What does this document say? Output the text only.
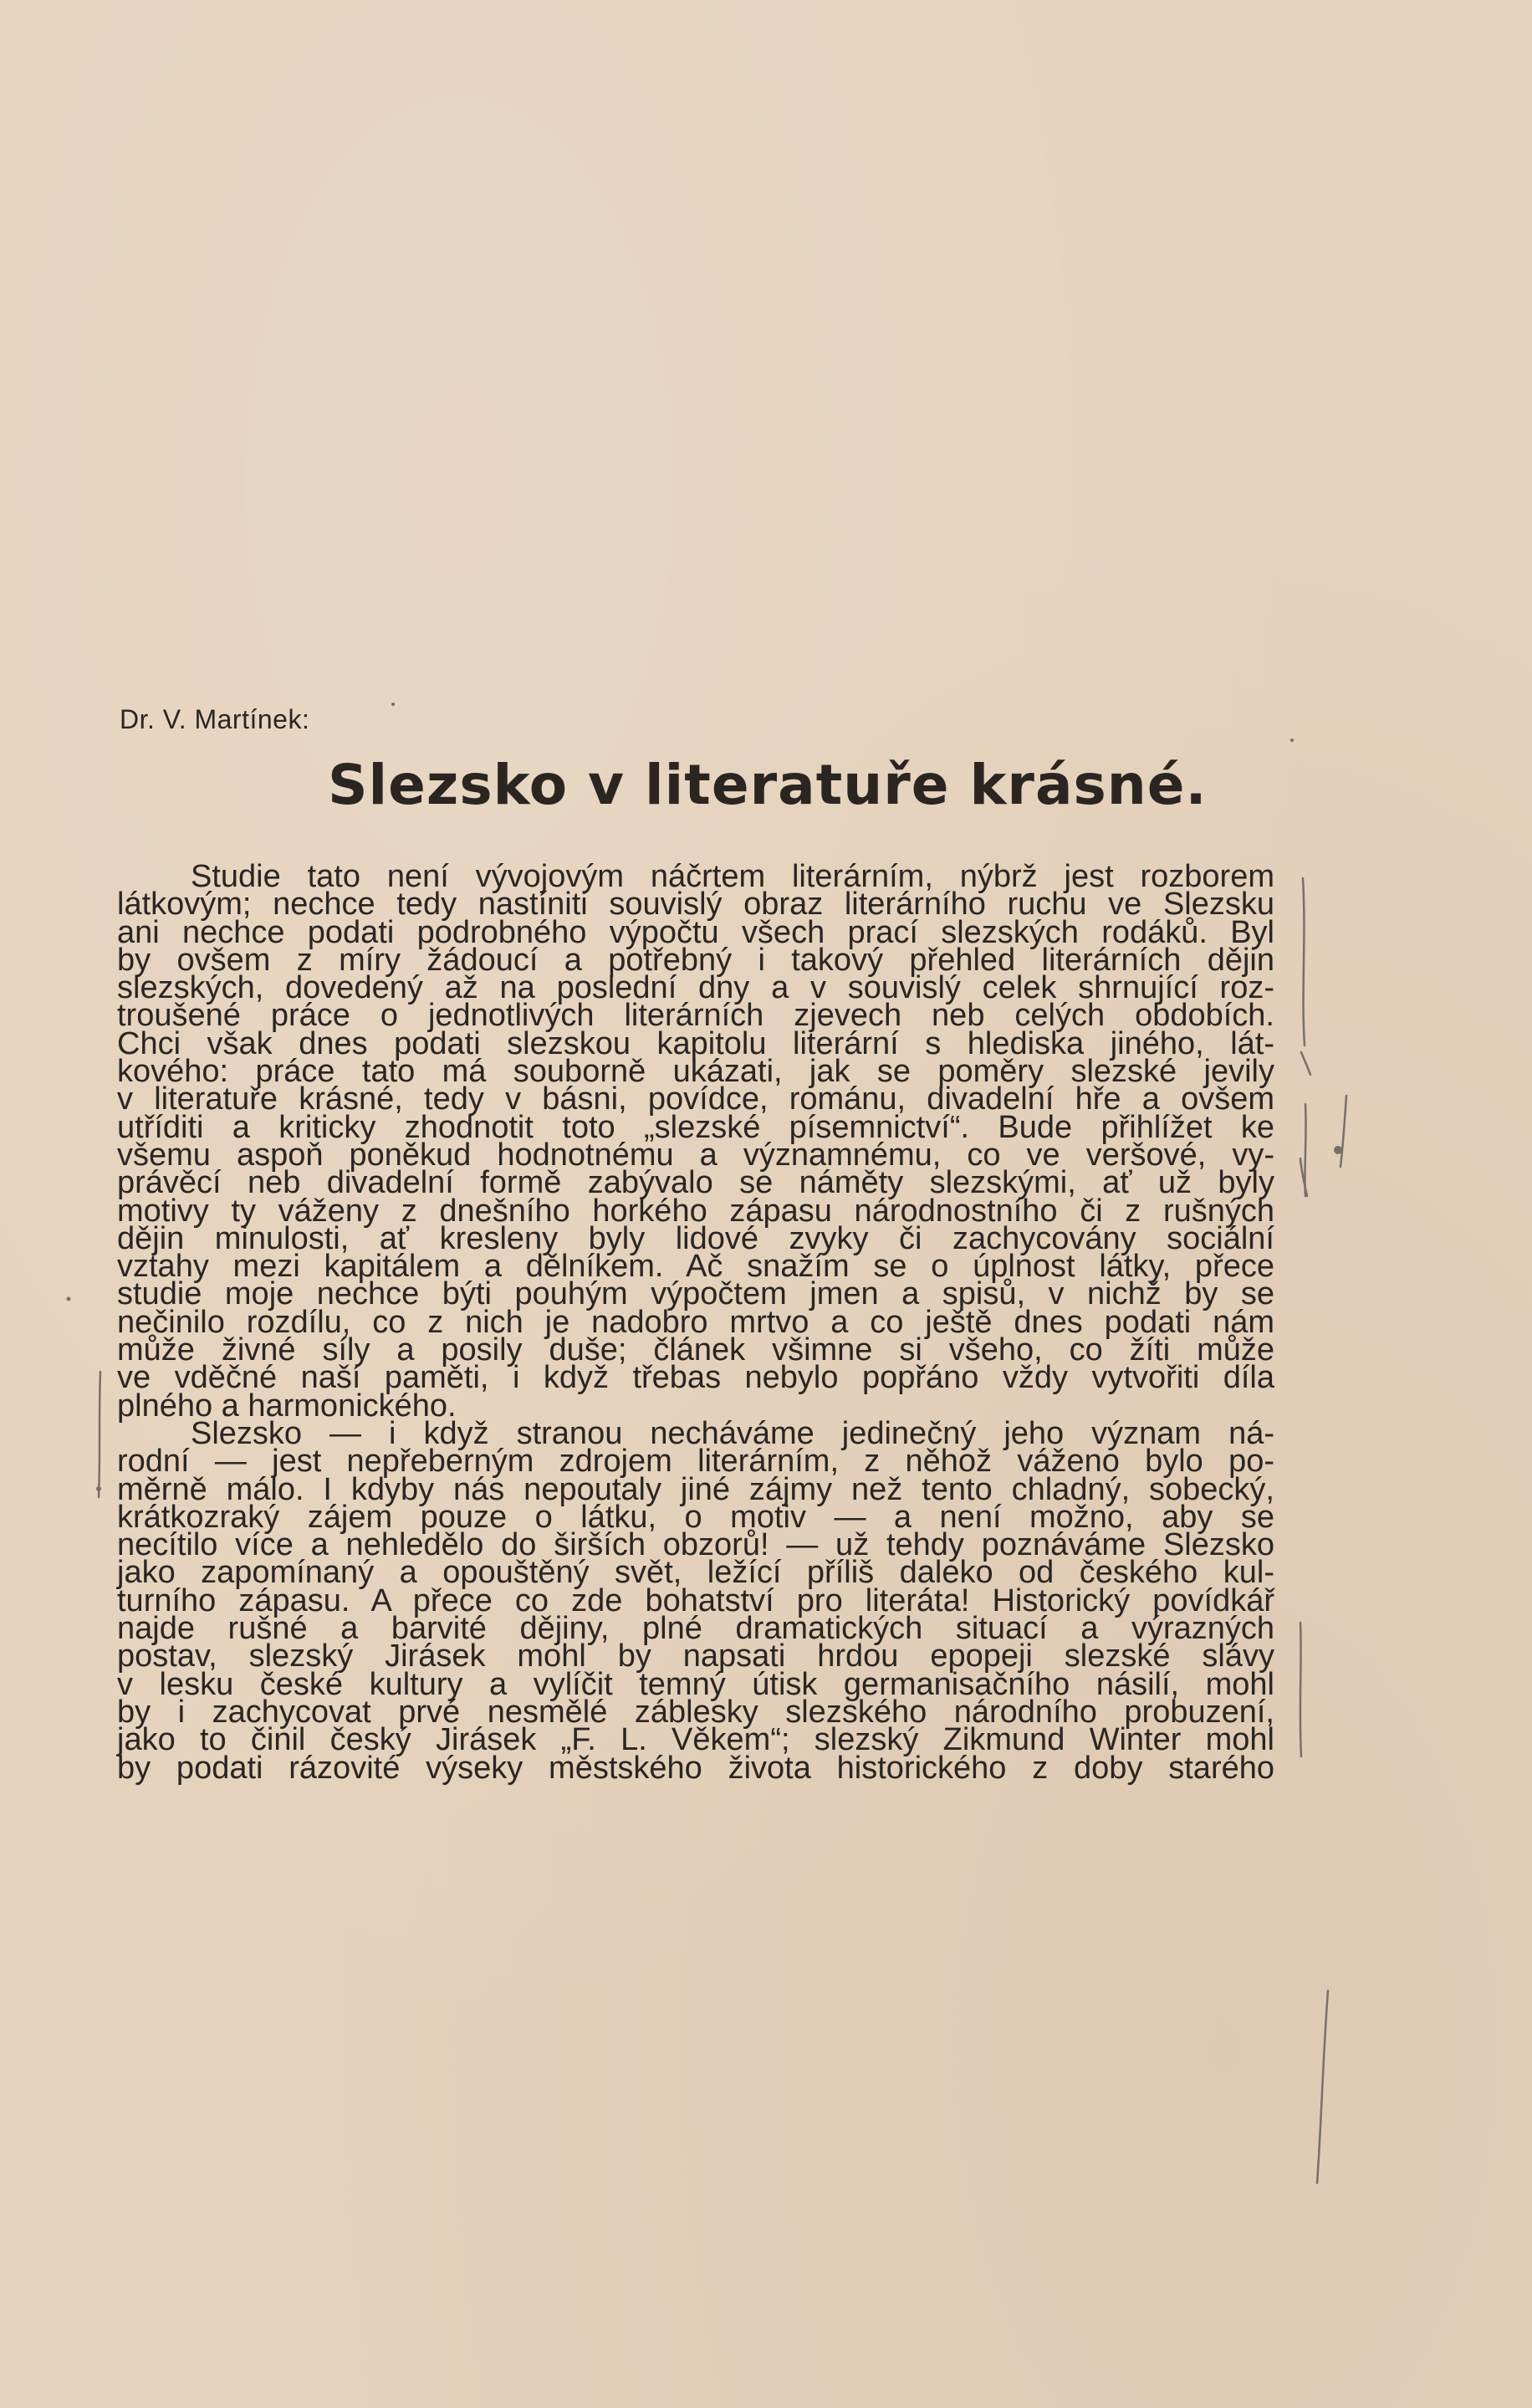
Dr. V. Martínek:

Slezsko v literatuře krásné.
Studie tato není vývojovým náčrtem literárním, nýbrž jest rozborem
látkovým; nechce tedy nastíniti souvislý obraz literárního ruchu ve Slezsku
ani nechce podati podrobného výpočtu všech prací slezských rodáků. Byl
by ovšem z míry žádoucí a potřebný i takový přehled literárních dějin
slezských, dovedený až na poslední dny a v souvislý celek shrnující roz-
troušené práce o jednotlivých literárních zjevech neb celých obdobích.
Chci však dnes podati slezskou kapitolu literární s hlediska jiného, lát-
kového: práce tato má souborně ukázati, jak se poměry slezské jevily
v literatuře krásné, tedy v básni, povídce, románu, divadelní hře a ovšem
utříditi a kriticky zhodnotit toto „slezské písemnictví“. Bude přihlížet ke
všemu aspoň poněkud hodnotnému a významnému, co ve veršové, vy-
právěcí neb divadelní formě zabývalo se náměty slezskými, ať už byly
motivy ty váženy z dnešního horkého zápasu národnostního či z rušných
dějin minulosti, ať kresleny byly lidové zvyky či zachycovány sociální
vztahy mezi kapitálem a dělníkem. Ač snažím se o úplnost látky, přece
studie moje nechce býti pouhým výpočtem jmen a spisů, v nichž by se
nečinilo rozdílu, co z nich je nadobro mrtvo a co ještě dnes podati nám
může živné síly a posily duše; článek všimne si všeho, co žíti může
ve vděčné naší paměti, i když třebas nebylo popřáno vždy vytvořiti díla
plného a harmonického.
Slezsko — i když stranou necháváme jedinečný jeho význam ná-
rodní — jest nepřeberným zdrojem literárním, z něhož váženo bylo po-
měrně málo. I kdyby nás nepoutaly jiné zájmy než tento chladný, sobecký,
krátkozraký zájem pouze o látku, o motiv — a není možno, aby se
necítilo více a nehledělo do širších obzorů! — už tehdy poznáváme Slezsko
jako zapomínaný a opouštěný svět, ležící příliš daleko od českého kul-
turního zápasu. A přece co zde bohatství pro literáta! Historický povídkář
najde rušné a barvité dějiny, plné dramatických situací a výrazných
postav, slezský Jirásek mohl by napsati hrdou epopeji slezské slávy
v lesku české kultury a vylíčit temný útisk germanisačního násilí, mohl
by i zachycovat prvé nesmělé záblesky slezského národního probuzení,
jako to činil český Jirásek „F. L. Věkem“; slezský Zikmund Winter mohl
by podati rázovité výseky městského života historického z doby starého
